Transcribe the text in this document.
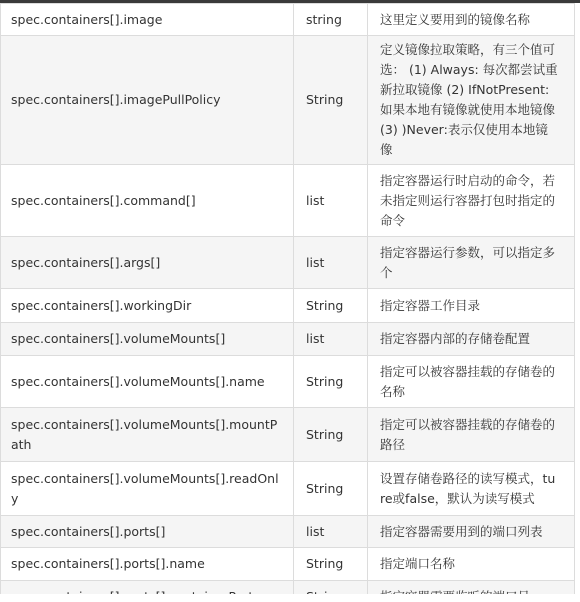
spec.containers[].image	string	这里定义要用到的镜像名称
spec.containers[].imagePullPolicy	String	定义镜像拉取策略，有三个值可选： (1) Always: 每次都尝试重新拉取镜像 (2) IfNotPresent:如果本地有镜像就使用本地镜像 (3) )Never:表示仅使用本地镜像
spec.containers[].command[]	list	指定容器运行时启动的命令，若未指定则运行容器打包时指定的命令
spec.containers[].args[]	list	指定容器运行参数，可以指定多个
spec.containers[].workingDir	String	指定容器工作目录
spec.containers[].volumeMounts[]	list	指定容器内部的存储卷配置
spec.containers[].volumeMounts[].name	String	指定可以被容器挂载的存储卷的名称
spec.containers[].volumeMounts[].mountPath	String	指定可以被容器挂载的存储卷的路径
spec.containers[].volumeMounts[].readOnly	String	设置存储卷路径的读写模式，ture或false，默认为读写模式
spec.containers[].ports[]	list	指定容器需要用到的端口列表
spec.containers[].ports[].name	String	指定端口名称
